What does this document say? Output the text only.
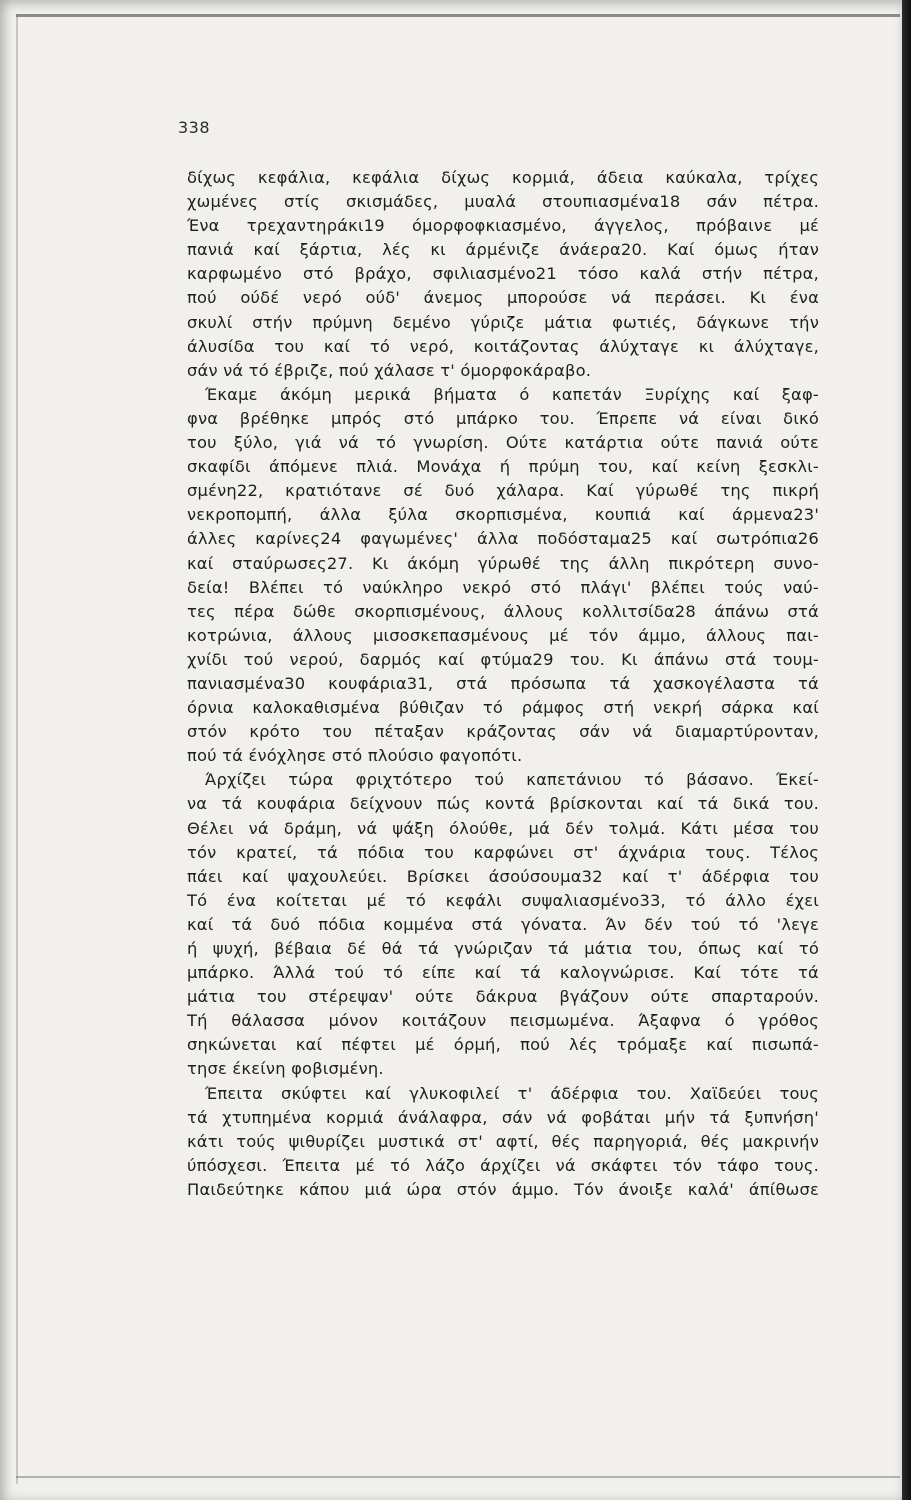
338
δίχως κεφάλια, κεφάλια δίχως κορμιά, άδεια καύκαλα, τρίχες
χωμένες στίς σκισμάδες, μυαλά στουπιασμένα18 σάν πέτρα.
Ένα τρεχαντηράκι19 όμορφοφκιασμένο, άγγελος, πρόβαινε μέ
πανιά καί ξάρτια, λές κι άρμένιζε άνάερα20. Καί όμως ήταν
καρφωμένο στό βράχο, σφιλιασμένο21 τόσο καλά στήν πέτρα,
πού ούδέ νερό ούδ' άνεμος μπορούσε νά περάσει. Κι ένα
σκυλί στήν πρύμνη δεμένο γύριζε μάτια φωτιές, δάγκωνε τήν
άλυσίδα του καί τό νερό, κοιτάζοντας άλύχταγε κι άλύχταγε,
σάν νά τό έβριζε, πού χάλασε τ' όμορφοκάραβο.
Έκαμε άκόμη μερικά βήματα ό καπετάν Ξυρίχης καί ξαφ-
φνα βρέθηκε μπρός στό μπάρκο του. Έπρεπε νά είναι δικό
του ξύλο, γιά νά τό γνωρίση. Ούτε κατάρτια ούτε πανιά ούτε
σκαφίδι άπόμενε πλιά. Μονάχα ή πρύμη του, καί κείνη ξεσκλι-
σμένη22, κρατιότανε σέ δυό χάλαρα. Καί γύρωθέ της πικρή
νεκροπομπή, άλλα ξύλα σκορπισμένα, κουπιά καί άρμενα23'
άλλες καρίνες24 φαγωμένες' άλλα ποδόσταμα25 καί σωτρόπια26
καί σταύρωσες27. Κι άκόμη γύρωθέ της άλλη πικρότερη συνο-
δεία! Βλέπει τό ναύκληρο νεκρό στό πλάγι' βλέπει τούς ναύ-
τες πέρα δώθε σκορπισμένους, άλλους κολλιτσίδα28 άπάνω στά
κοτρώνια, άλλους μισοσκεπασμένους μέ τόν άμμο, άλλους παι-
χνίδι τού νερού, δαρμός καί φτύμα29 του. Κι άπάνω στά τουμ-
πανιασμένα30 κουφάρια31, στά πρόσωπα τά χασκογέλαστα τά
όρνια καλοκαθισμένα βύθιζαν τό ράμφος στή νεκρή σάρκα καί
στόν κρότο του πέταξαν κράζοντας σάν νά διαμαρτύρονταν,
πού τά ένόχλησε στό πλούσιο φαγοπότι.
Άρχίζει τώρα φριχτότερο τού καπετάνιου τό βάσανο. Έκεί-
να τά κουφάρια δείχνουν πώς κοντά βρίσκονται καί τά δικά του.
Θέλει νά δράμη, νά ψάξη όλούθε, μά δέν τολμά. Κάτι μέσα του
τόν κρατεί, τά πόδια του καρφώνει στ' άχνάρια τους. Τέλος
πάει καί ψαχουλεύει. Βρίσκει άσούσουμα32 καί τ' άδέρφια του
Τό ένα κοίτεται μέ τό κεφάλι συψαλιασμένο33, τό άλλο έχει
καί τά δυό πόδια κομμένα στά γόνατα. Άν δέν τού τό 'λεγε
ή ψυχή, βέβαια δέ θά τά γνώριζαν τά μάτια του, όπως καί τό
μπάρκο. Άλλά τού τό είπε καί τά καλογνώρισε. Καί τότε τά
μάτια του στέρεψαν' ούτε δάκρυα βγάζουν ούτε σπαρταρούν.
Τή θάλασσα μόνον κοιτάζουν πεισμωμένα. Άξαφνα ό γρόθος
σηκώνεται καί πέφτει μέ όρμή, πού λές τρόμαξε καί πισωπά-
τησε έκείνη φοβισμένη.
Έπειτα σκύφτει καί γλυκοφιλεί τ' άδέρφια του. Χαϊδεύει τους
τά χτυπημένα κορμιά άνάλαφρα, σάν νά φοβάται μήν τά ξυπνήση'
κάτι τούς ψιθυρίζει μυστικά στ' αφτί, θές παρηγοριά, θές μακρινήν
ύπόσχεσι. Έπειτα μέ τό λάζο άρχίζει νά σκάφτει τόν τάφο τους.
Παιδεύτηκε κάπου μιά ώρα στόν άμμο. Τόν άνοιξε καλά' άπίθωσε
